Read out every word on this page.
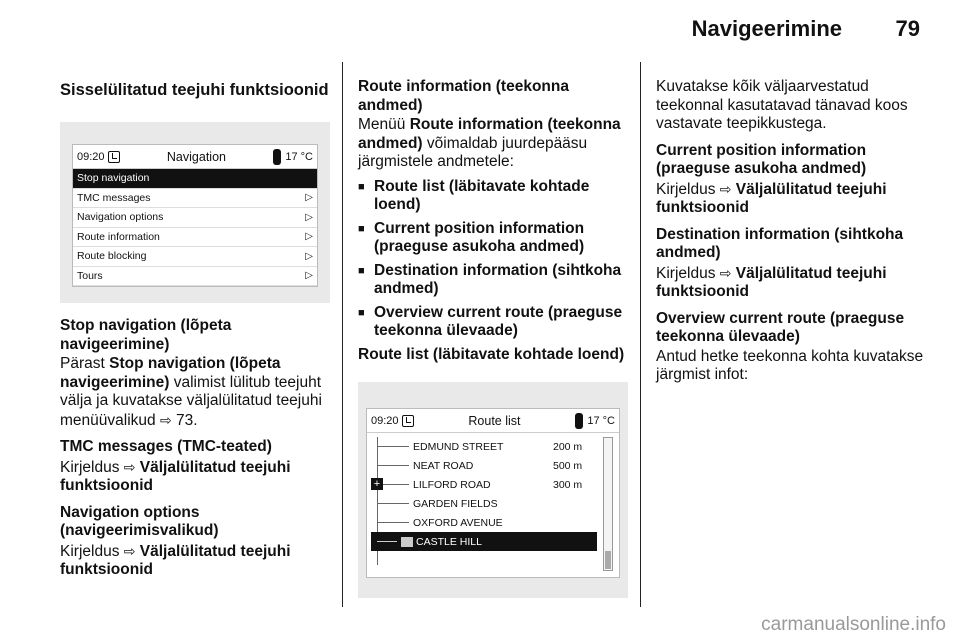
Navigeerimine 79
Sisselülitatud teejuhi funktsioonid
09:20	Navigation	17 °C
Stop navigation
TMC messages	▷
Navigation options	▷
Route information	▷
Route blocking	▷
Tours	▷
Stop navigation (lõpeta navigeerimine)
Pärast Stop navigation (lõpeta navigeerimine) valimist lülitub teejuht välja ja kuvatakse väljalülitatud teejuhi menüüvalikud ⇨ 73.
TMC messages (TMC-teated)
Kirjeldus ⇨ Väljalülitatud teejuhi funktsioonid
Navigation options (navigeerimisvalikud)
Kirjeldus ⇨ Väljalülitatud teejuhi funktsioonid
Route information (teekonna andmed)
Menüü Route information (teekonna andmed) võimaldab juurdepääsu järgmistele andmetele:
■ Route list (läbitavate kohtade loend)
■ Current position information (praeguse asukoha andmed)
■ Destination information (sihtkoha andmed)
■ Overview current route (praeguse teekonna ülevaade)
Route list (läbitavate kohtade loend)
09:20	Route list	17 °C
EDMUND STREET	200 m
NEAT ROAD	500 m
+	LILFORD ROAD	300 m
GARDEN FIELDS
OXFORD AVENUE
CASTLE HILL
Kuvatakse kõik väljaarvestatud teekonnal kasutatavad tänavad koos vastavate teepikkustega.
Current position information (praeguse asukoha andmed)
Kirjeldus ⇨ Väljalülitatud teejuhi funktsioonid
Destination information (sihtkoha andmed)
Kirjeldus ⇨ Väljalülitatud teejuhi funktsioonid
Overview current route (praeguse teekonna ülevaade)
Antud hetke teekonna kohta kuvatakse järgmist infot:
carmanualsonline.info
